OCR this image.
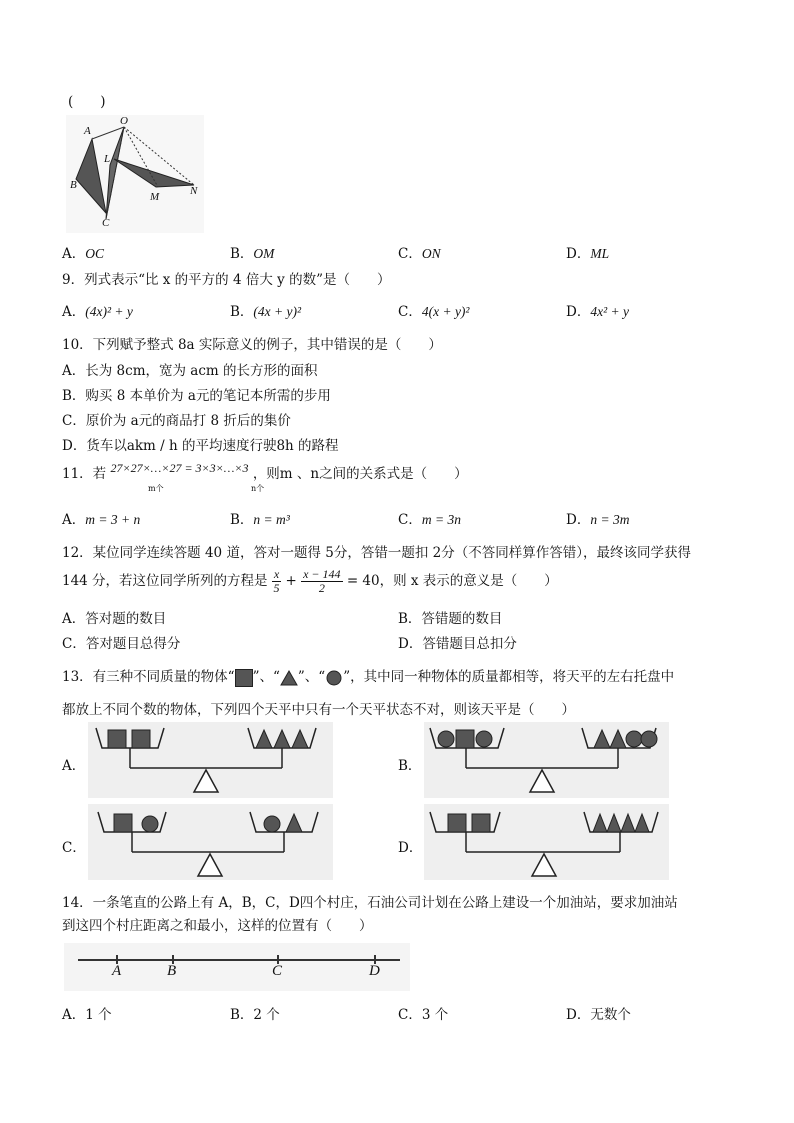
(　　)
A
O
L
B
M	N
C
A．OC	B．OM	C．ON	D．ML
9．列式表示“比 x 的平方的 4 倍大 y 的数”是（　　）
A．(4x)² + y	B．(4x + y)²	C．4(x + y)²	D．4x² + y
10．下列赋予整式 8a 实际意义的例子，其中错误的是（　　）
A．长为 8cm，宽为 acm 的长方形的面积
B．购买 8 本单价为 a元的笔记本所需的步用
C．原价为 a元的商品打 8 折后的集价
D．货车以akm / h 的平均速度行驶8h 的路程
11．若 27×27×…×27 = 3×3×…×3 ，则m 、n之间的关系式是（　　）
m个	n个
A．m = 3 + n	B．n = m³	C．m = 3n	D．n = 3m
12．某位同学连续答题 40 道，答对一题得 5分，答错一题扣 2分（不答同样算作答错），最终该同学获得
144 分，若这位同学所列的方程是 $\frac{x}{5} + \frac{x - 144}{2} = 40$，则 x 表示的意义是（　　）
A．答对题的数目	B．答错题的数目
C．答对题目总得分	D．答错题目总扣分
13．有三种不同质量的物体“ ”、“ ”、“ ”，其中同一种物体的质量都相等，将天平的左右托盘中
都放上不同个数的物体，下列四个天平中只有一个天平状态不对，则该天平是（　　）
A．	B．
C．	D．
14．一条笔直的公路上有 A，B，C，D四个村庄，石油公司计划在公路上建设一个加油站，要求加油站
到这四个村庄距离之和最小，这样的位置有（　　）
A	B	C	D
A．1 个	B．2 个	C．3 个	D．无数个
